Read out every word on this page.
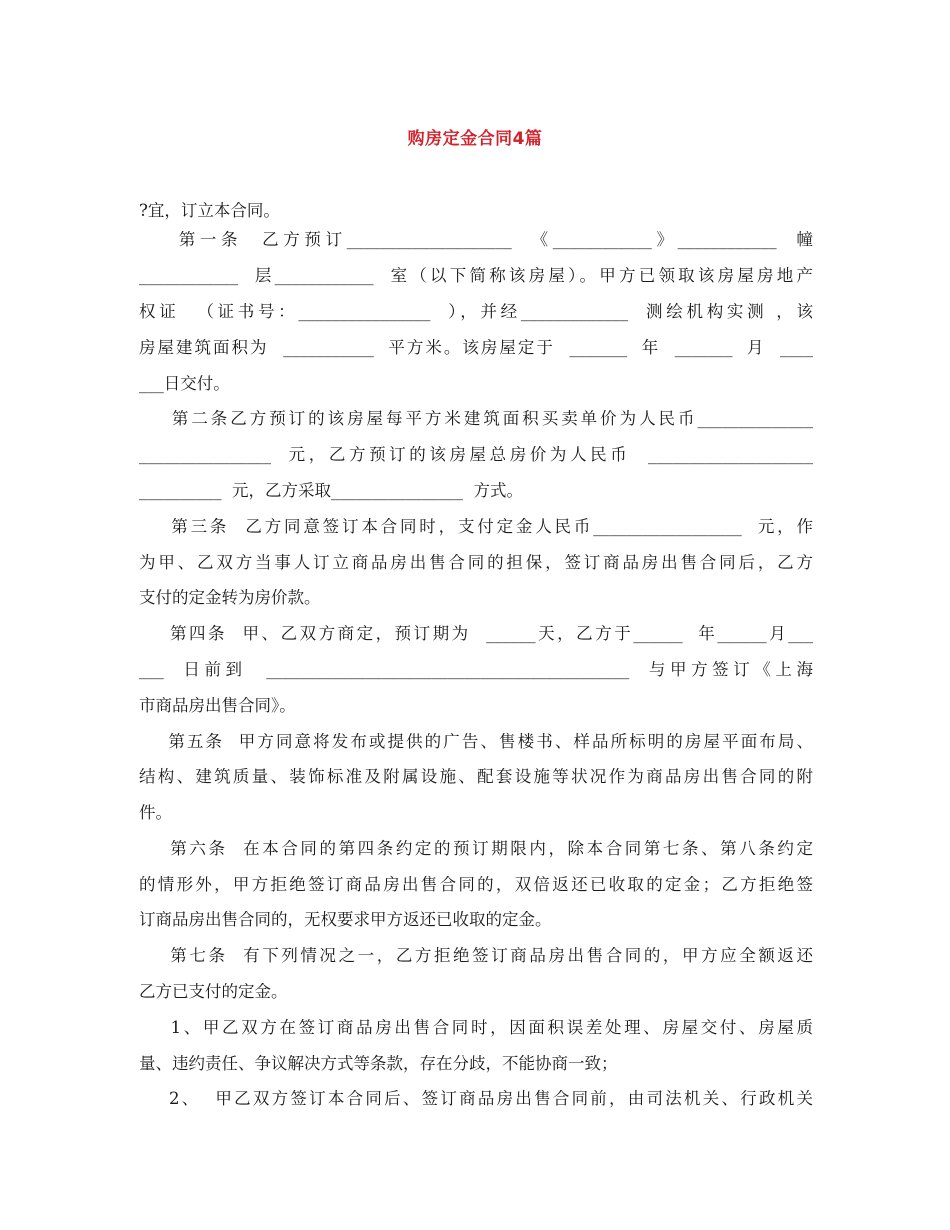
购房定金合同4篇
?宜，订立本合同。
第一条  乙方预订____________________  《____________》____________  幢
____________  层____________  室（以下简称该房屋）。甲方已领取该房屋房地产
权证  （证书号：________________  ），并经_____________  测绘机构实测 ，该
房屋建筑面积为  ___________  平方米。该房屋定于  _______  年  _______  月  ____
___日交付。
第二条乙方预订的该房屋每平方米建筑面积买卖单价为人民币______________
________________  元，乙方预订的该房屋总房价为人民币  ____________________
__________  元，乙方采取________________  方式。
第三条  乙方同意签订本合同时，支付定金人民币__________________  元，作
为甲、乙双方当事人订立商品房出售合同的担保，签订商品房出售合同后，乙方
支付的定金转为房价款。
第四条  甲、乙双方商定，预订期为  ______天，乙方于______  年______月___
___  日前到  ____________________________________________  与甲方签订《上海
市商品房出售合同》。
第五条  甲方同意将发布或提供的广告、售楼书、样品所标明的房屋平面布局、
结构、建筑质量、装饰标准及附属设施、配套设施等状况作为商品房出售合同的附
件。
第六条  在本合同的第四条约定的预订期限内，除本合同第七条、第八条约定
的情形外，甲方拒绝签订商品房出售合同的，双倍返还已收取的定金；乙方拒绝签
订商品房出售合同的，无权要求甲方返还已收取的定金。
第七条  有下列情况之一，乙方拒绝签订商品房出售合同的，甲方应全额返还
乙方已支付的定金。
1、甲乙双方在签订商品房出售合同时，因面积误差处理、房屋交付、房屋质
量、违约责任、争议解决方式等条款，存在分歧，不能协商一致；
2、  甲乙双方签订本合同后、签订商品房出售合同前，由司法机关、行政机关
